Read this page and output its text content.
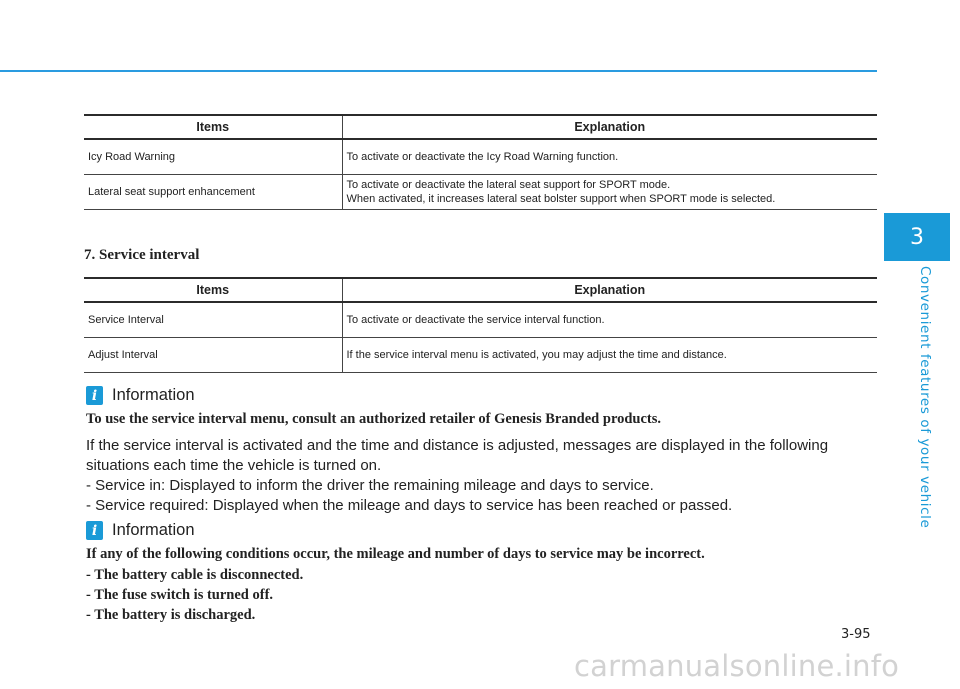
3
Convenient features of your vehicle
Items	Explanation
Icy Road Warning	To activate or deactivate the Icy Road Warning function.

Lateral seat support enhancement	To activate or deactivate the lateral seat support for SPORT mode.
When activated, it increases lateral seat bolster support when SPORT mode is selected.
7. Service interval
Items	Explanation
Service Interval	To activate or deactivate the service interval function.
Adjust Interval	If the service interval menu is activated, you may adjust the time and distance.
i Information
To use the service interval menu, consult an authorized retailer of Genesis Branded products.
If the service interval is activated and the time and distance is adjusted, messages are displayed in the following
situations each time the vehicle is turned on.
- Service in: Displayed to inform the driver the remaining mileage and days to service.
- Service required: Displayed when the mileage and days to service has been reached or passed.
i Information
If any of the following conditions occur, the mileage and number of days to service may be incorrect.
- The battery cable is disconnected.
- The fuse switch is turned off.
- The battery is discharged.
3-95
carmanualsonline.info
